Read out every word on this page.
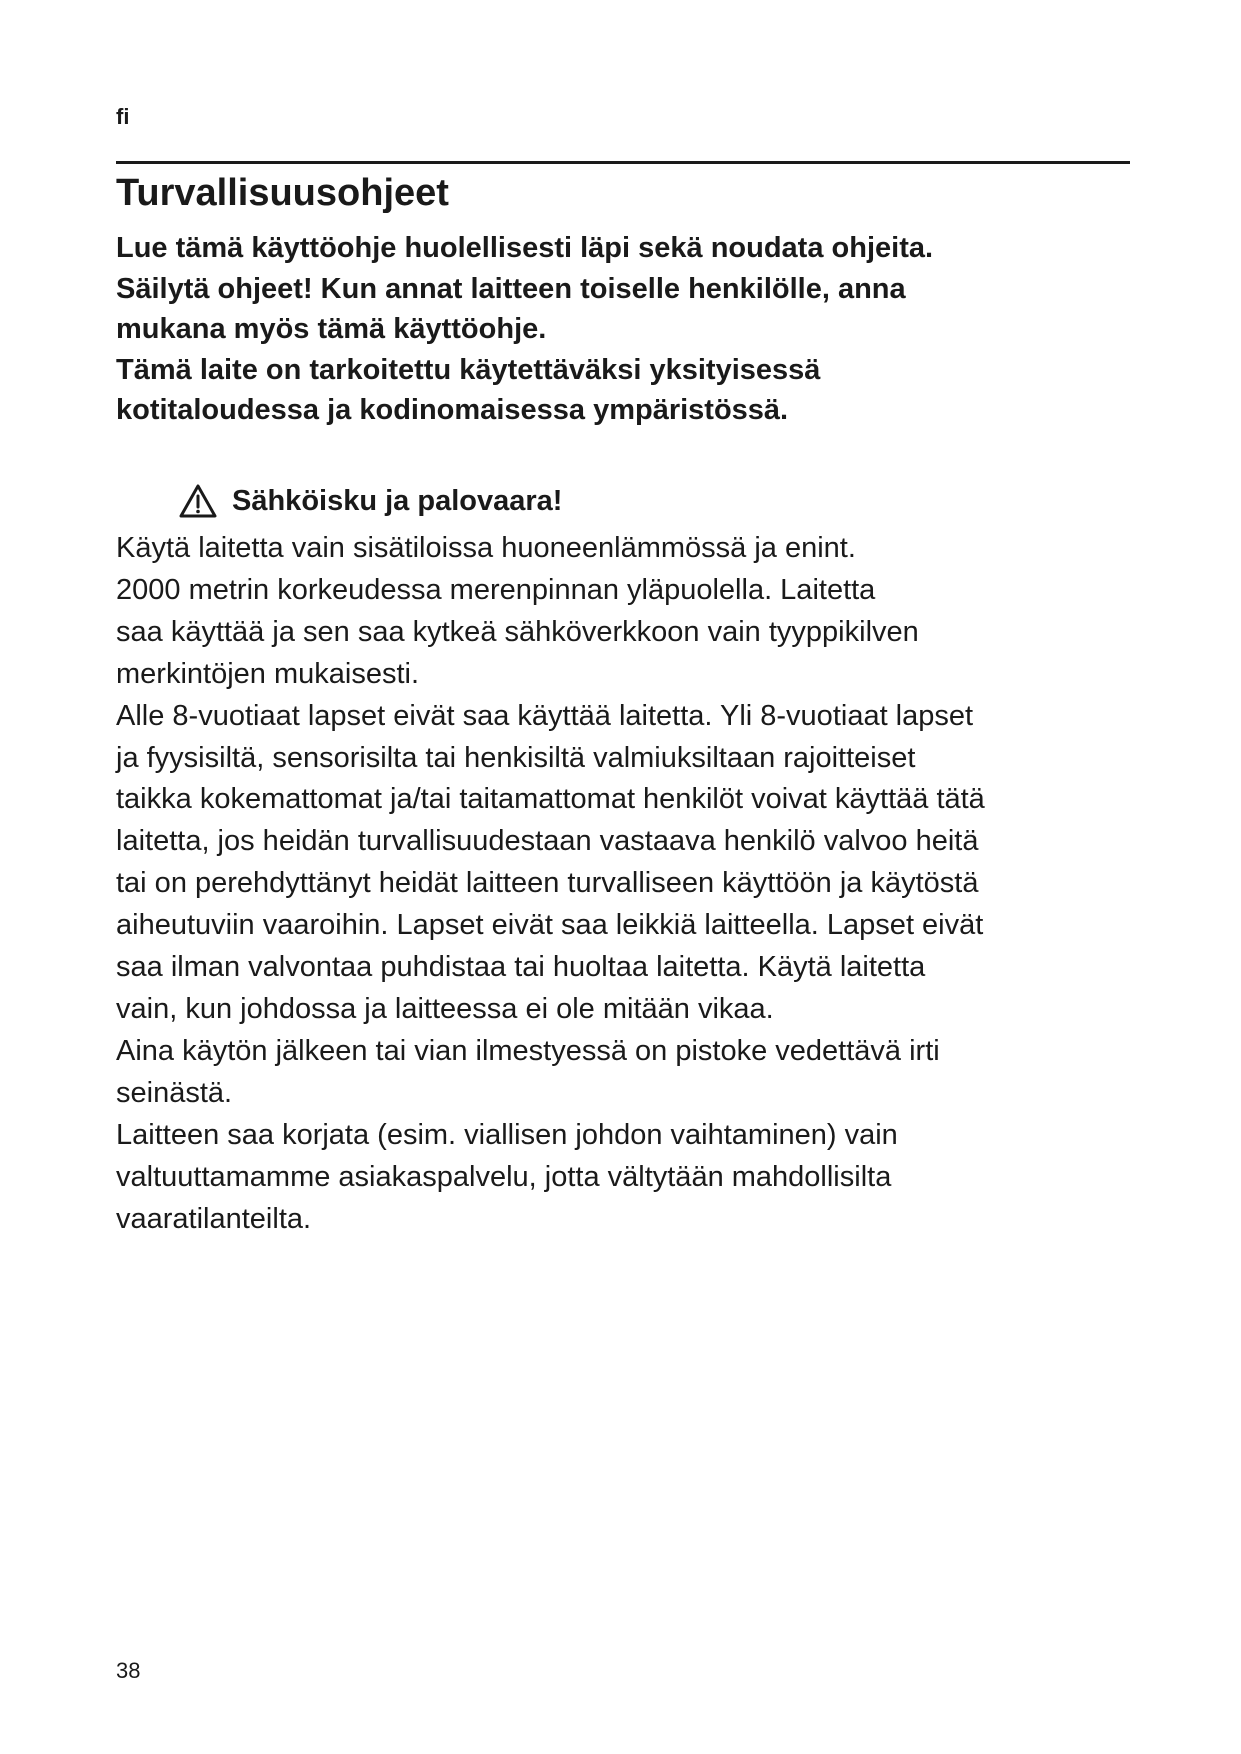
fi
Turvallisuusohjeet
Lue tämä käyttöohje huolellisesti läpi sekä noudata ohjeita.
Säilytä ohjeet! Kun annat laitteen toiselle henkilölle, anna
mukana myös tämä käyttöohje.
Tämä laite on tarkoitettu käytettäväksi yksityisessä
kotitaloudessa ja kodinomaisessa ympäristössä.
Sähköisku ja palovaara!
Käytä laitetta vain sisätiloissa huoneenlämmössä ja enint.
2000 metrin korkeudessa merenpinnan yläpuolella. Laitetta
saa käyttää ja sen saa kytkeä sähköverkkoon vain tyyppikilven
merkintöjen mukaisesti.
Alle 8-vuotiaat lapset eivät saa käyttää laitetta. Yli 8-vuotiaat lapset
ja fyysisiltä, sensorisilta tai henkisiltä valmiuksiltaan rajoitteiset
taikka kokemattomat ja/tai taitamattomat henkilöt voivat käyttää tätä
laitetta, jos heidän turvallisuudestaan vastaava henkilö valvoo heitä
tai on perehdyttänyt heidät laitteen turvalliseen käyttöön ja käytöstä
aiheutuviin vaaroihin. Lapset eivät saa leikkiä laitteella. Lapset eivät
saa ilman valvontaa puhdistaa tai huoltaa laitetta. Käytä laitetta
vain, kun johdossa ja laitteessa ei ole mitään vikaa.
Aina käytön jälkeen tai vian ilmestyessä on pistoke vedettävä irti
seinästä.
Laitteen saa korjata (esim. viallisen johdon vaihtaminen) vain
valtuuttamamme asiakaspalvelu, jotta vältytään mahdollisilta
vaaratilanteilta.
38
